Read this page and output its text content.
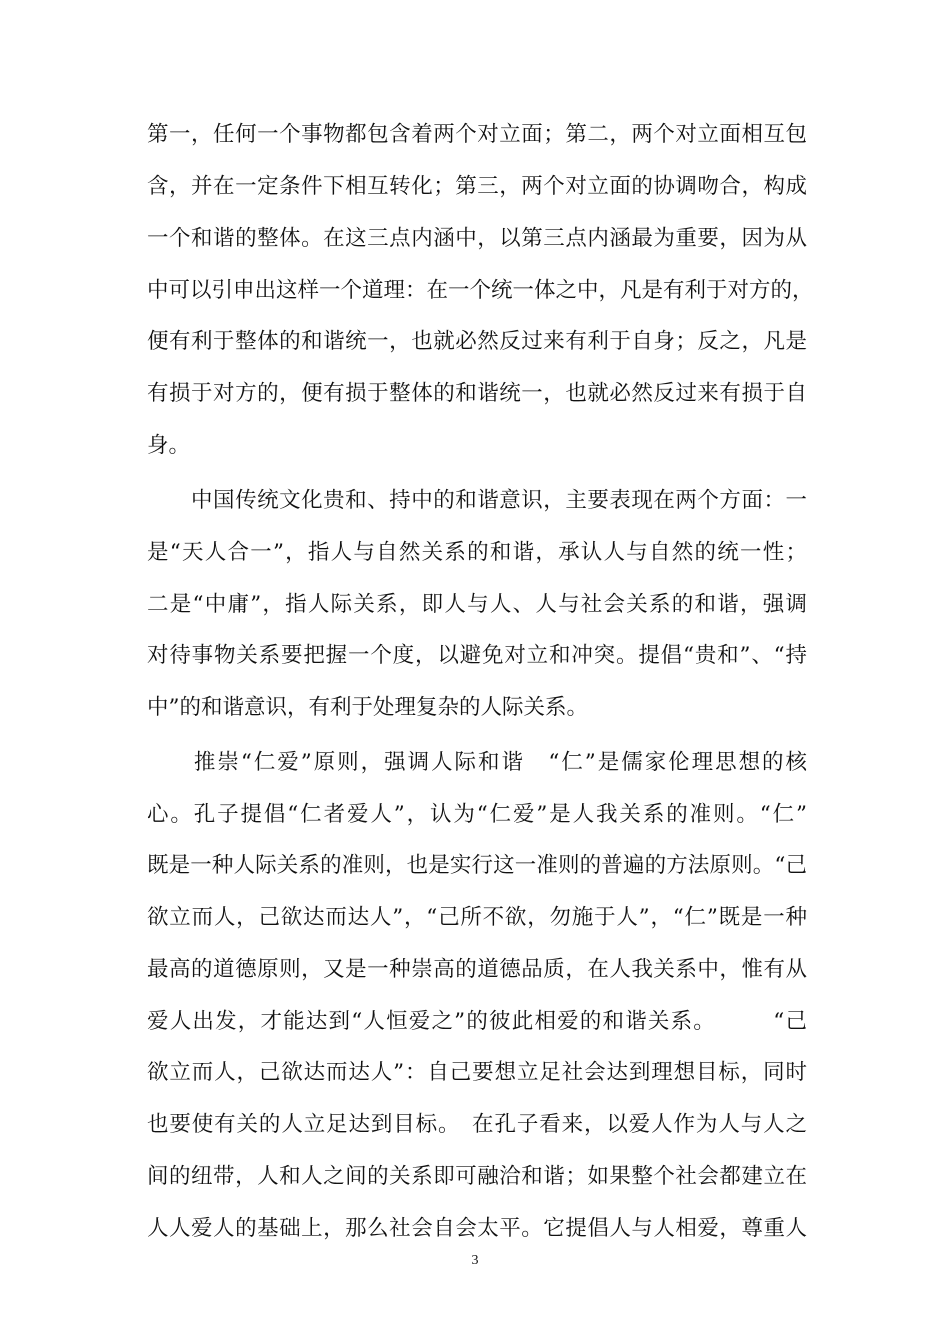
第一，任何一个事物都包含着两个对立面；第二，两个对立面相互包
含，并在一定条件下相互转化；第三，两个对立面的协调吻合，构成
一个和谐的整体。在这三点内涵中，以第三点内涵最为重要，因为从
中可以引申出这样一个道理：在一个统一体之中，凡是有利于对方的，
便有利于整体的和谐统一，也就必然反过来有利于自身；反之，凡是
有损于对方的，便有损于整体的和谐统一，也就必然反过来有损于自
身。
　　中国传统文化贵和、持中的和谐意识，主要表现在两个方面：一
是“天人合一”，指人与自然关系的和谐，承认人与自然的统一性；
二是“中庸”，指人际关系，即人与人、人与社会关系的和谐，强调
对待事物关系要把握一个度，以避免对立和冲突。提倡“贵和”、“持
中”的和谐意识，有利于处理复杂的人际关系。
　　推崇“仁爱”原则，强调人际和谐　“仁”是儒家伦理思想的核
心。孔子提倡“仁者爱人”，认为“仁爱”是人我关系的准则。“仁”
既是一种人际关系的准则，也是实行这一准则的普遍的方法原则。“己
欲立而人，己欲达而达人”，“己所不欲，勿施于人”，“仁”既是一种
最高的道德原则，又是一种崇高的道德品质，在人我关系中，惟有从
爱人出发，才能达到“人恒爱之”的彼此相爱的和谐关系。　　　“己
欲立而人，己欲达而达人”：自己要想立足社会达到理想目标，同时
也要使有关的人立足达到目标。　在孔子看来，以爱人作为人与人之
间的纽带，人和人之间的关系即可融洽和谐；如果整个社会都建立在
人人爱人的基础上，那么社会自会太平。它提倡人与人相爱，尊重人
3
